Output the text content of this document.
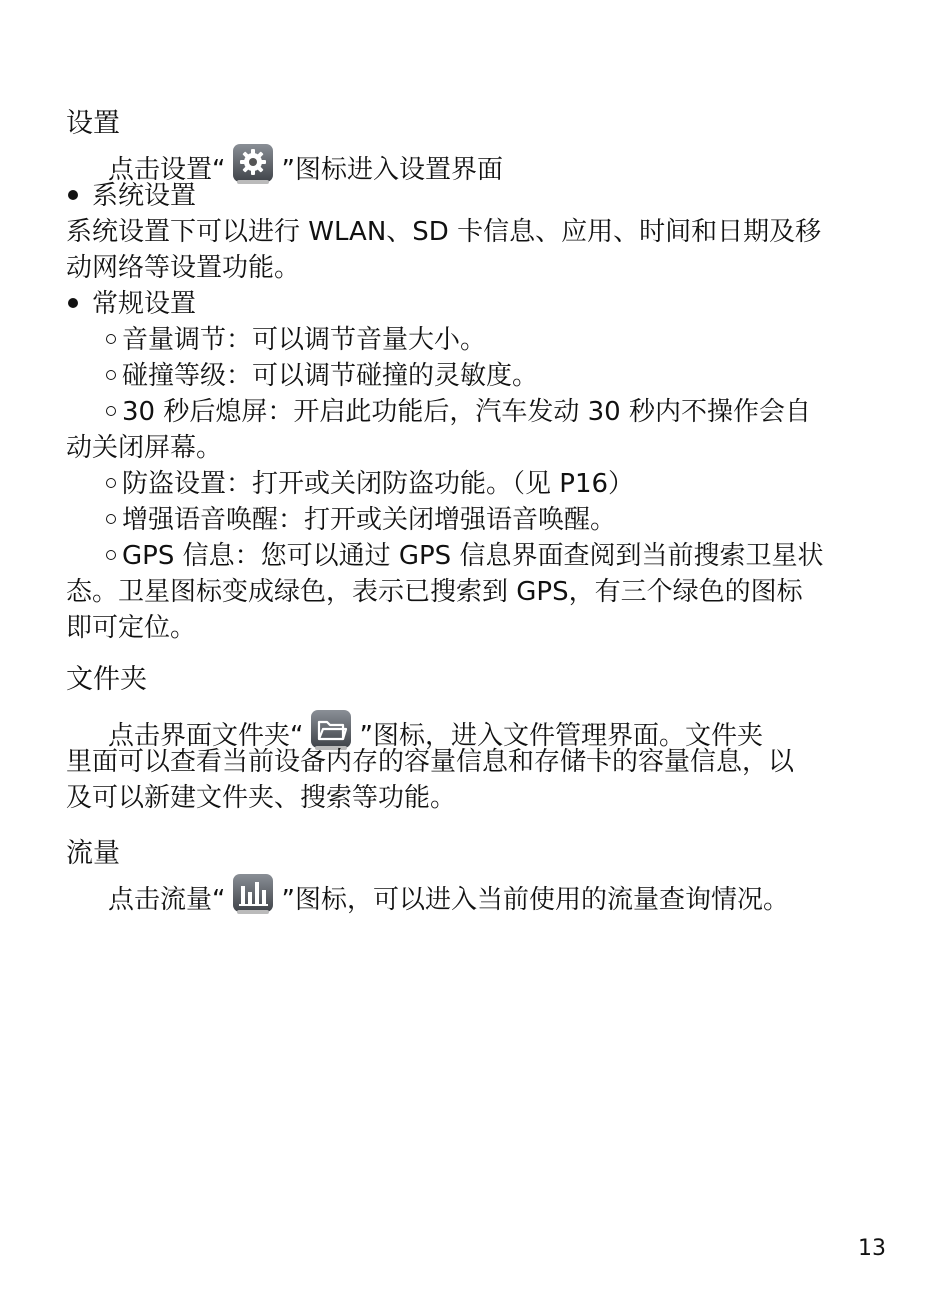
设置
点击设置“ ”图标进入设置界面
系统设置
系统设置下可以进行 WLAN、SD 卡信息、应用、时间和日期及移
动网络等设置功能。
常规设置
音量调节：可以调节音量大小。
碰撞等级：可以调节碰撞的灵敏度。
30 秒后熄屏：开启此功能后，汽车发动 30 秒内不操作会自
动关闭屏幕。
防盗设置：打开或关闭防盗功能。（见 P16）
增强语音唤醒：打开或关闭增强语音唤醒。
GPS 信息：您可以通过 GPS 信息界面查阅到当前搜索卫星状
态。卫星图标变成绿色，表示已搜索到 GPS，有三个绿色的图标
即可定位。
文件夹
点击界面文件夹“ ”图标，进入文件管理界面。文件夹
里面可以查看当前设备内存的容量信息和存储卡的容量信息，以
及可以新建文件夹、搜索等功能。
流量
点击流量“ ”图标，可以进入当前使用的流量查询情况。
13
